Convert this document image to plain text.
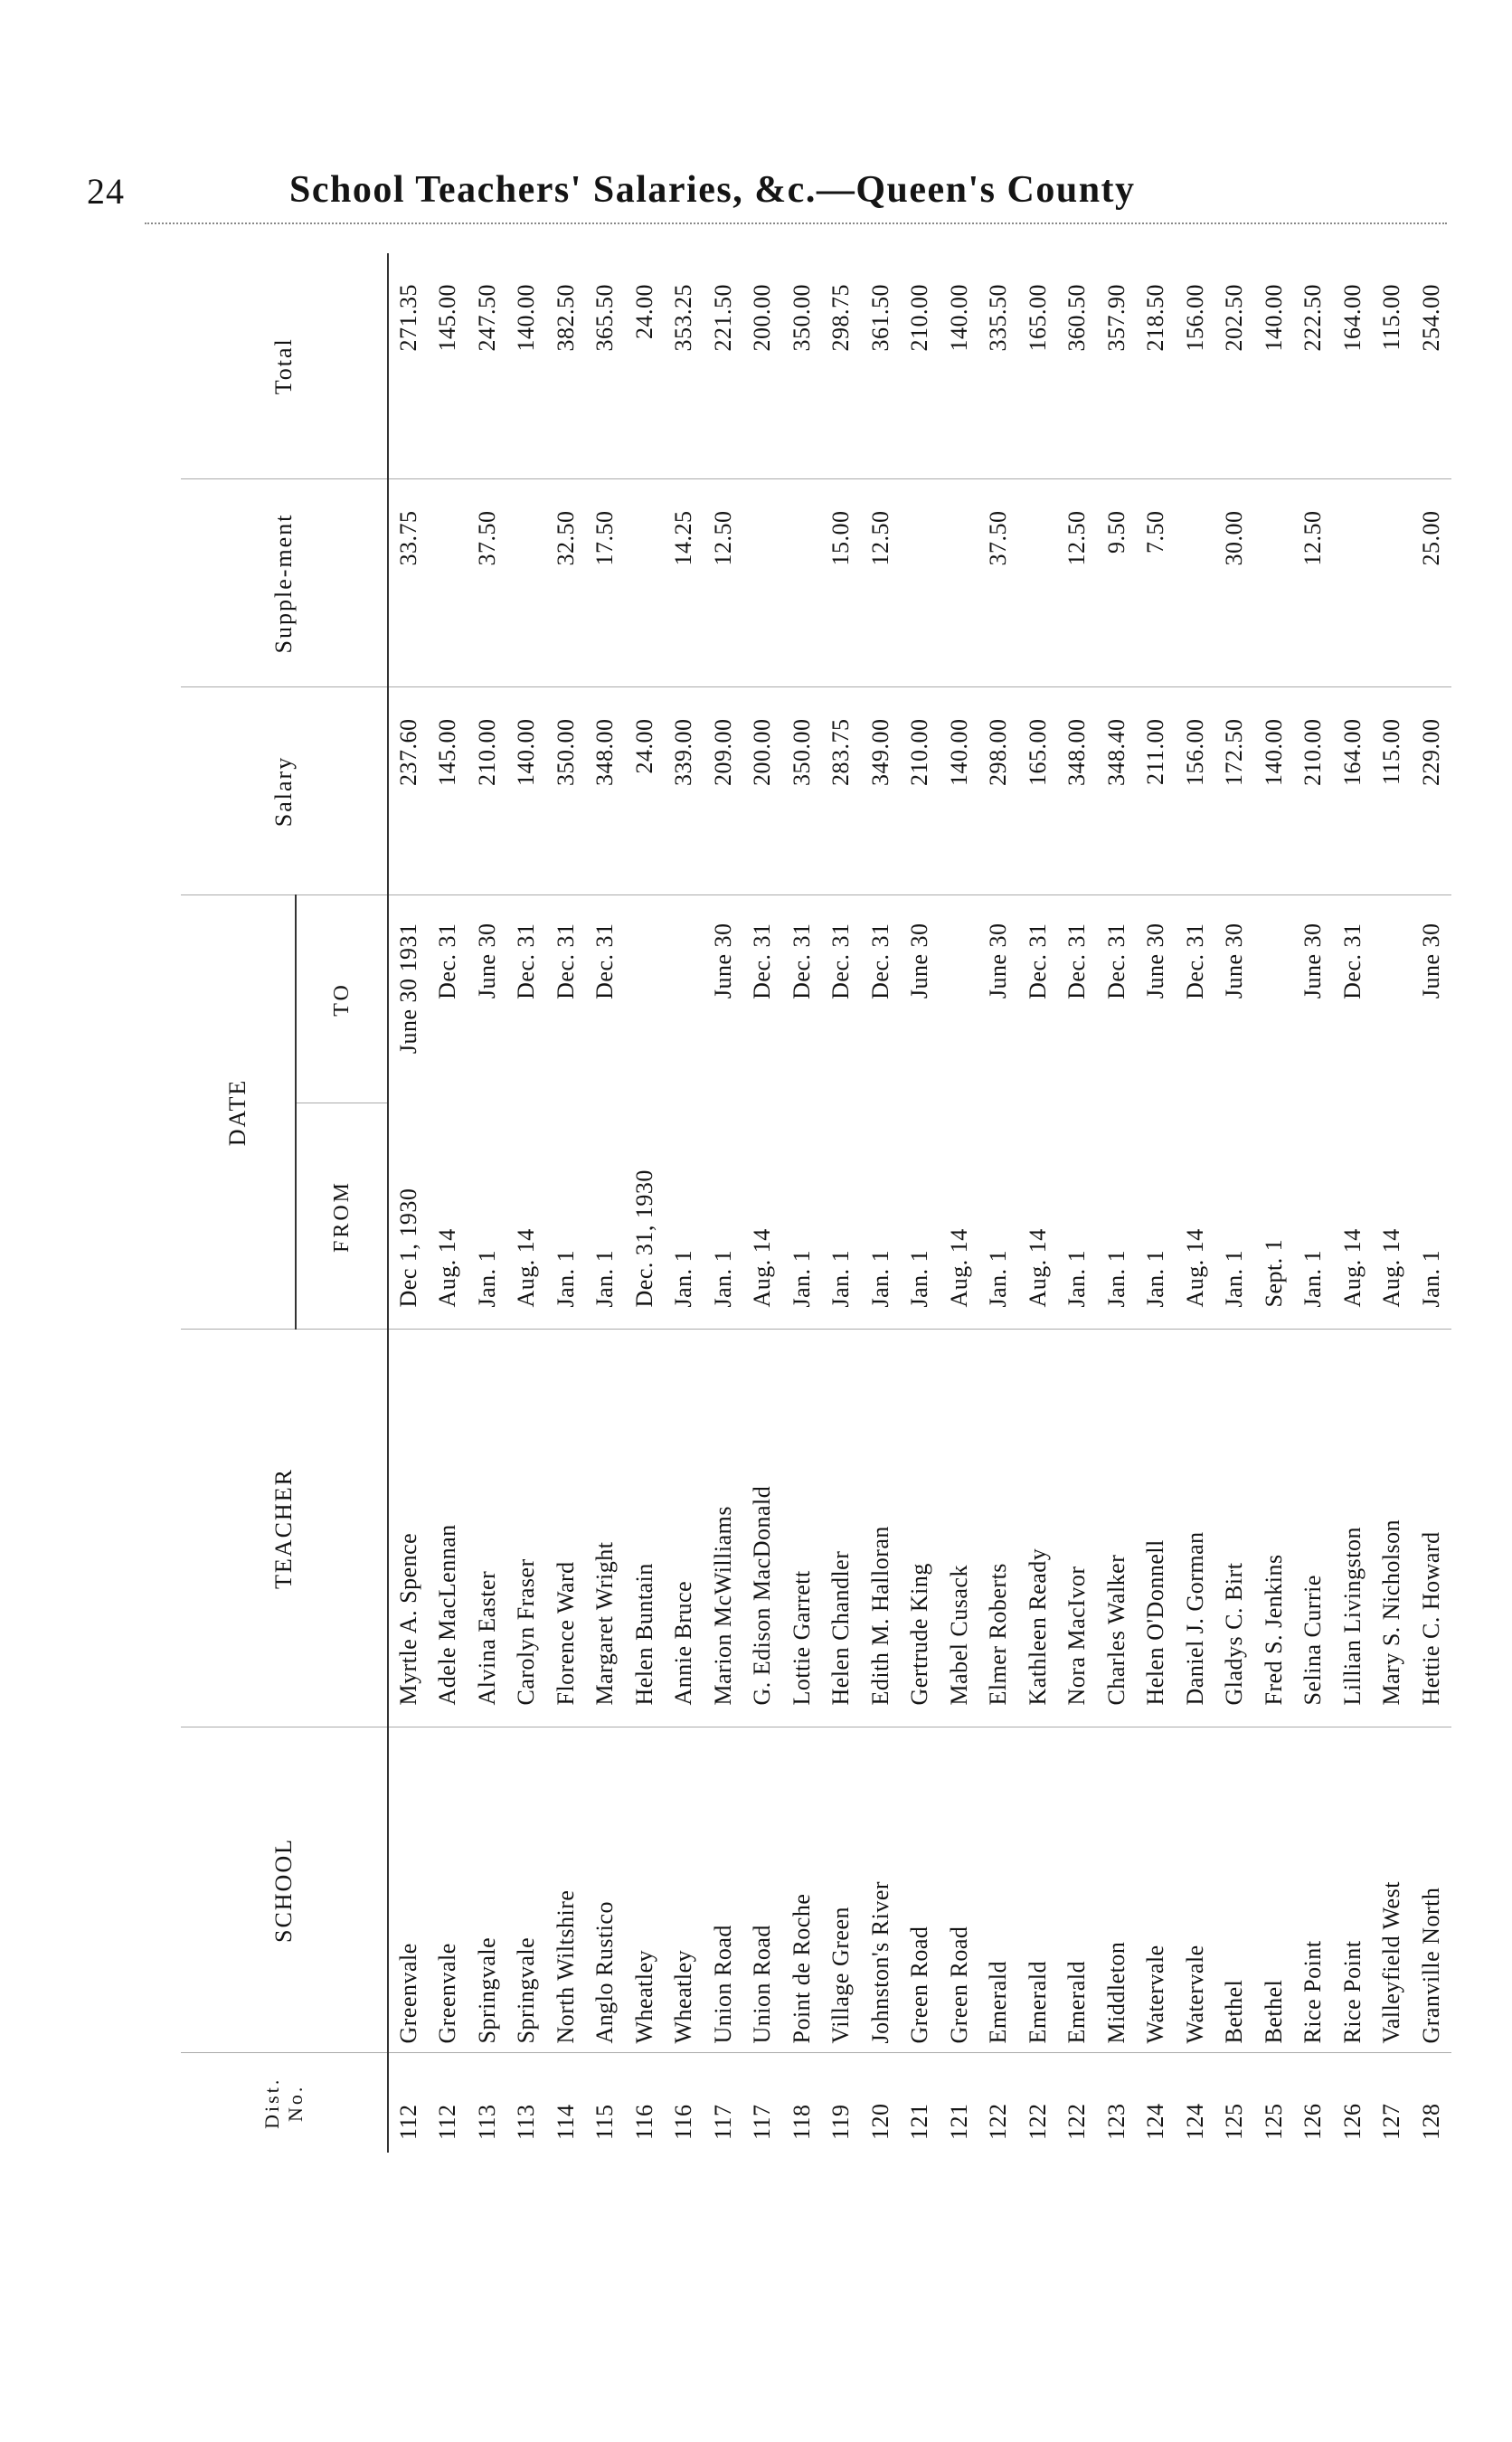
24	School Teachers' Salaries, &c.—Queen's County
Dist. No.	SCHOOL	TEACHER	DATE		Salary	Supple-ment	Total
			FROM	TO			
112	Greenvale	Myrtle A. Spence	Dec 1, 1930	June 30 1931	237.60	33.75	271.35
112	Greenvale	Adele MacLennan	Aug. 14	Dec. 31	145.00		145.00
113	Springvale	Alvina Easter	Jan. 1	June 30	210.00	37.50	247.50
113	Springvale	Carolyn Fraser	Aug. 14	Dec. 31	140.00		140.00
114	North Wiltshire	Florence Ward	Jan. 1	Dec. 31	350.00	32.50	382.50
115	Anglo Rustico	Margaret Wright	Jan. 1	Dec. 31	348.00	17.50	365.50
116	Wheatley	Helen Buntain	Dec. 31, 1930		24.00		24.00
116	Wheatley	Annie Bruce	Jan. 1		339.00	14.25	353.25
117	Union Road	Marion McWilliams	Jan. 1	June 30	209.00	12.50	221.50
117	Union Road	G. Edison MacDonald	Aug. 14	Dec. 31	200.00		200.00
118	Point de Roche	Lottie Garrett	Jan. 1	Dec. 31	350.00		350.00
119	Village Green	Helen Chandler	Jan. 1	Dec. 31	283.75	15.00	298.75
120	Johnston's River	Edith M. Halloran	Jan. 1	Dec. 31	349.00	12.50	361.50
121	Green Road	Gertrude King	Jan. 1	June 30	210.00		210.00
121	Green Road	Mabel Cusack	Aug. 14		140.00		140.00
122	Emerald	Elmer Roberts	Jan. 1	June 30	298.00	37.50	335.50
122	Emerald	Kathleen Ready	Aug. 14	Dec. 31	165.00		165.00
122	Emerald	Nora MacIvor	Jan. 1	Dec. 31	348.00	12.50	360.50
123	Middleton	Charles Walker	Jan. 1	Dec. 31	348.40	9.50	357.90
124	Watervale	Helen O'Donnell	Jan. 1	June 30	211.00	7.50	218.50
124	Watervale	Daniel J. Gorman	Aug. 14	Dec. 31	156.00		156.00
125	Bethel	Gladys C. Birt	Jan. 1	June 30	172.50	30.00	202.50
125	Bethel	Fred S. Jenkins	Sept. 1		140.00		140.00
126	Rice Point	Selina Currie	Jan. 1	June 30	210.00	12.50	222.50
126	Rice Point	Lillian Livingston	Aug. 14	Dec. 31	164.00		164.00
127	Valleyfield West	Mary S. Nicholson	Aug. 14		115.00		115.00
128	Granville North	Hettie C. Howard	Jan. 1	June 30	229.00	25.00	254.00
